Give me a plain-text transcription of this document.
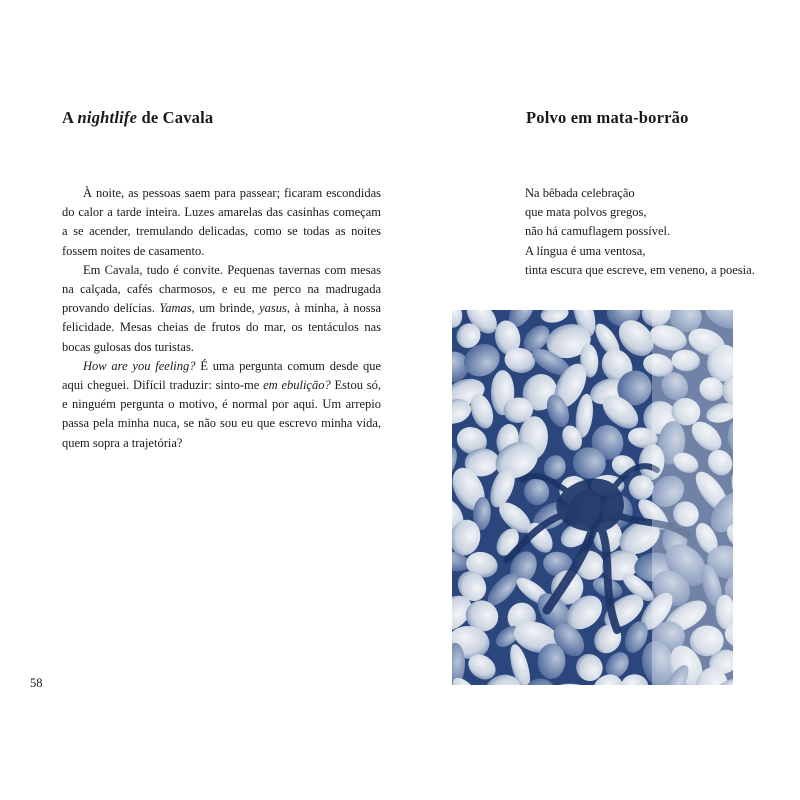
A nightlife de Cavala

À noite, as pessoas saem para passear; ficaram escondidas do calor a tarde inteira. Luzes amarelas das casinhas começam a se acender, tremulando delicadas, como se todas as noites fossem noites de casamento.

Em Cavala, tudo é convite. Pequenas tavernas com mesas na calçada, cafés charmosos, e eu me perco na madrugada provando delícias. Yamas, um brinde, yasus, à minha, à nossa felicidade. Mesas cheias de frutos do mar, os tentáculos nas bocas gulosas dos turistas.

How are you feeling? É uma pergunta comum desde que aqui cheguei. Difícil traduzir: sinto-me em ebulição? Estou só, e ninguém pergunta o motivo, é normal por aqui. Um arrepio passa pela minha nuca, se não sou eu que escrevo minha vida, quem sopra a trajetória?

58
Polvo em mata-borrão
Na bêbada celebração
que mata polvos gregos,
não há camuflagem possível.
A língua é uma ventosa,
tinta escura que escreve, em veneno, a poesia.
